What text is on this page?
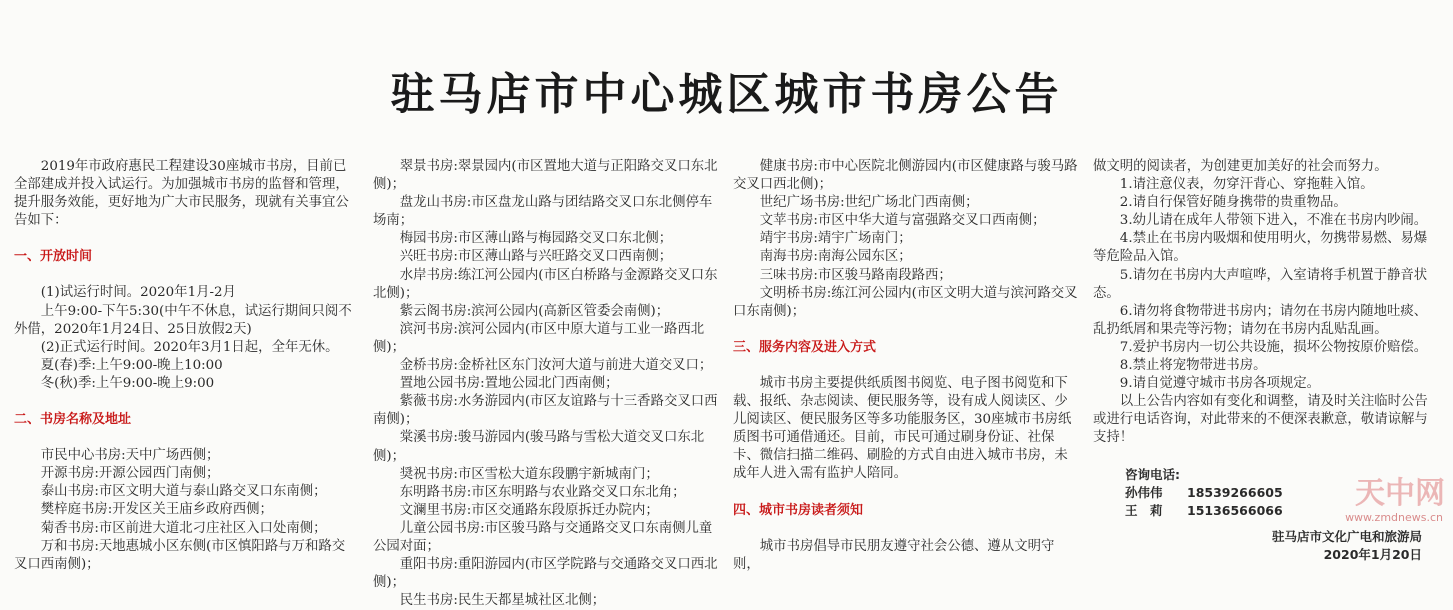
驻马店市中心城区城市书房公告

2019年市政府惠民工程建设30座城市书房，目前已全部建成并投入试运行。为加强城市书房的监督和管理，提升服务效能，更好地为广大市民服务，现就有关事宜公告如下：

一、开放时间

(1)试运行时间。2020年1月-2月

上午9:00-下午5:30(中午不休息，试运行期间只阅不外借，2020年1月24日、25日放假2天)

(2)正式运行时间。2020年3月1日起，全年无休。

夏(春)季:上午9:00-晚上10:00

冬(秋)季:上午9:00-晚上9:00

二、书房名称及地址

市民中心书房:天中广场西侧；

开源书房:开源公园西门南侧；

泰山书房:市区文明大道与泰山路交叉口东南侧；

樊梓庭书房:开发区关王庙乡政府西侧；

菊香书房:市区前进大道北刁庄社区入口处南侧；

万和书房:天地惠城小区东侧(市区慎阳路与万和路交叉口西南侧)；

翠景书房:翠景园内(市区置地大道与正阳路交叉口东北侧)；

盘龙山书房:市区盘龙山路与团结路交叉口东北侧停车场南；

梅园书房:市区薄山路与梅园路交叉口东北侧；

兴旺书房:市区薄山路与兴旺路交叉口西南侧；

水岸书房:练江河公园内(市区白桥路与金源路交叉口东北侧)；

紫云阁书房:滨河公园内(高新区管委会南侧)；

滨河书房:滨河公园内(市区中原大道与工业一路西北侧)；

金桥书房:金桥社区东门汝河大道与前进大道交叉口；

置地公园书房:置地公园北门西南侧；

紫薇书房:水务游园内(市区友谊路与十三香路交叉口西南侧)；

棠溪书房:骏马游园内(骏马路与雪松大道交叉口东北侧)；

奨祝书房:市区雪松大道东段鹏宇新城南门；

东明路书房:市区东明路与农业路交叉口东北角；

文澜里书房:市区交通路东段原拆迁办院内；

儿童公园书房:市区骏马路与交通路交叉口东南侧儿童公园对面；

重阳书房:重阳游园内(市区学院路与交通路交叉口西北侧)；

民生书房:民生天都星城社区北侧；

健康书房:市中心医院北侧游园内(市区健康路与骏马路交叉口西北侧)；

世纪广场书房:世纪广场北门西南侧；

文苹书房:市区中华大道与富强路交叉口西南侧；

靖宇书房:靖宇广场南门；

南海书房:南海公园东区；

三味书房:市区骏马路南段路西；

文明桥书房:练江河公园内(市区文明大道与滨河路交叉口东南侧)；

三、服务内容及进入方式

城市书房主要提供纸质图书阅览、电子图书阅览和下载、报纸、杂志阅读、便民服务等，设有成人阅读区、少儿阅读区、便民服务区等多功能服务区，30座城市书房纸质图书可通借通还。目前，市民可通过刷身份证、社保卡、微信扫描二维码、刷脸的方式自由进入城市书房，未成年人进入需有监护人陪同。

四、城市书房读者须知

城市书房倡导市民朋友遵守社会公德、遵从文明守则，

做文明的阅读者，为创建更加美好的社会而努力。

1.请注意仪表，勿穿汗背心、穿拖鞋入馆。

2.请自行保管好随身携带的贵重物品。

3.幼儿请在成年人带领下进入，不准在书房内吵闹。

4.禁止在书房内吸烟和使用明火，勿携带易燃、易爆等危险品入馆。

5.请勿在书房内大声喧哗，入室请将手机置于静音状态。

6.请勿将食物带进书房内；请勿在书房内随地吐痰、乱扔纸屑和果壳等污物；请勿在书房内乱贴乱画。

7.爱护书房内一切公共设施，损坏公物按原价赔偿。

8.禁止将宠物带进书房。

9.请自觉遵守城市书房各项规定。

以上公告内容如有变化和调整，请及时关注临时公告或进行电话咨询，对此带来的不便深表歉意，敬请谅解与支持！

咨询电话:

孙伟伟 18539266605

王　莉 15136566066

驻马店市文化广电和旅游局

2020年1月20日

天中网
www.zmdnews.cn
